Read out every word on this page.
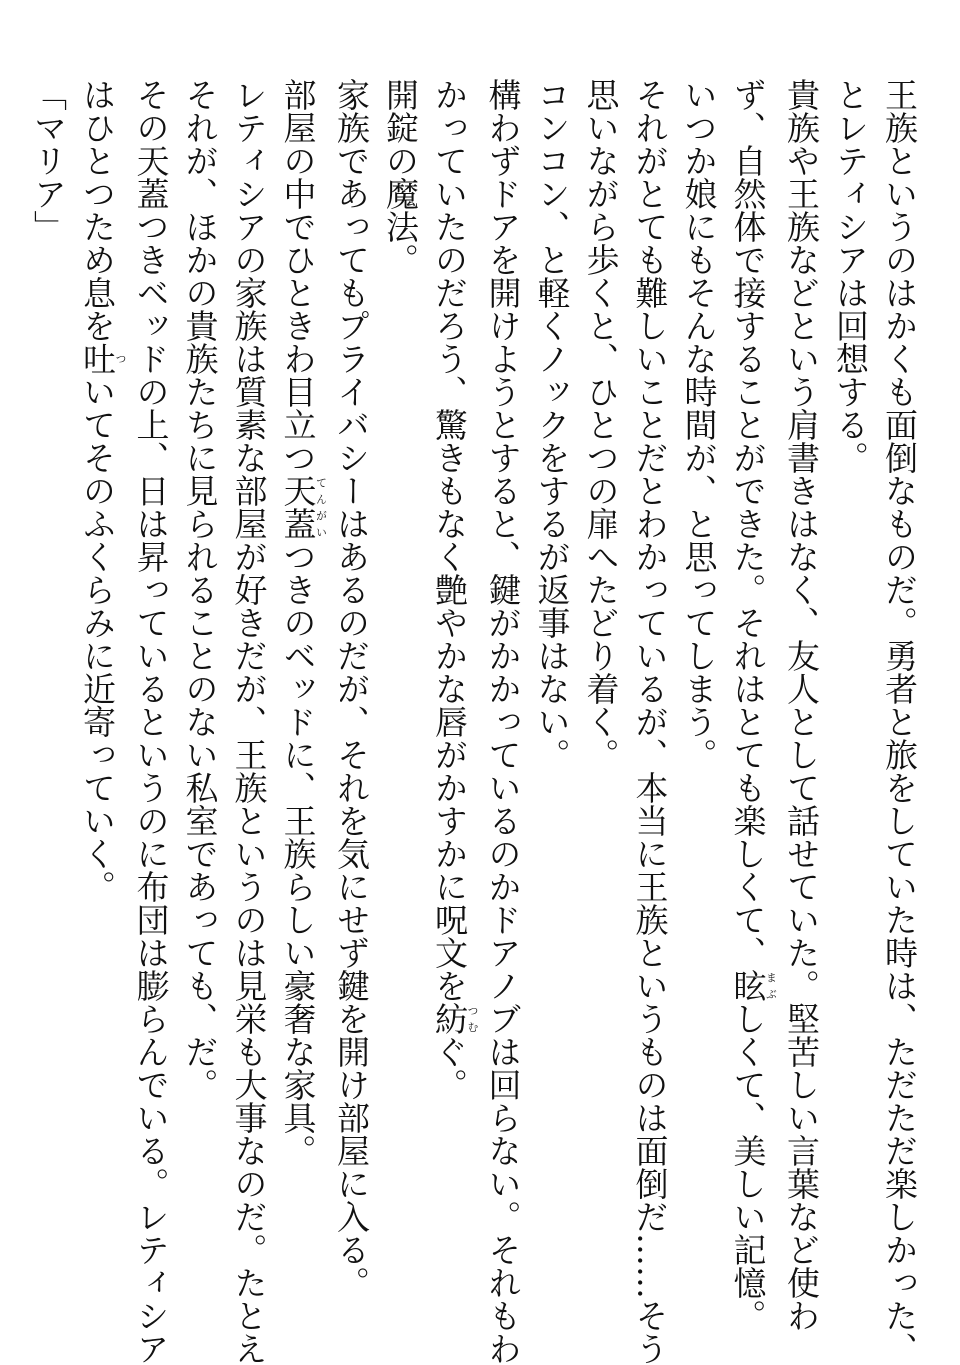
王族というのはかくも面倒なものだ。勇者と旅をしていた時は、ただただ楽しかった、
とレティシアは回想する。
貴族や王族などという肩書きはなく、友人として話せていた。堅苦しい言葉など使わ
ず、自然体で接することができた。それはとても楽しくて、眩まぶしくて、美しい記憶。
いつか娘にもそんな時間が、と思ってしまう。
それがとても難しいことだとわかっているが、本当に王族というものは面倒だ……そう
思いながら歩くと、ひとつの扉へたどり着く。
コンコン、と軽くノックをするが返事はない。
構わずドアを開けようとすると、鍵がかかっているのかドアノブは回らない。それもわ
かっていたのだろう、驚きもなく艶やかな唇がかすかに呪文を紡つむぐ。
開錠の魔法。
家族であってもプライバシーはあるのだが、それを気にせず鍵を開け部屋に入る。
部屋の中でひときわ目立つ天蓋てんがいつきのベッドに、王族らしい豪奢な家具。
レティシアの家族は質素な部屋が好きだが、王族というのは見栄も大事なのだ。たとえ
それが、ほかの貴族たちに見られることのない私室であっても、だ。
その天蓋つきベッドの上、日は昇っているというのに布団は膨らんでいる。レティシア
はひとつため息を吐ついてそのふくらみに近寄っていく。
「マリア」
